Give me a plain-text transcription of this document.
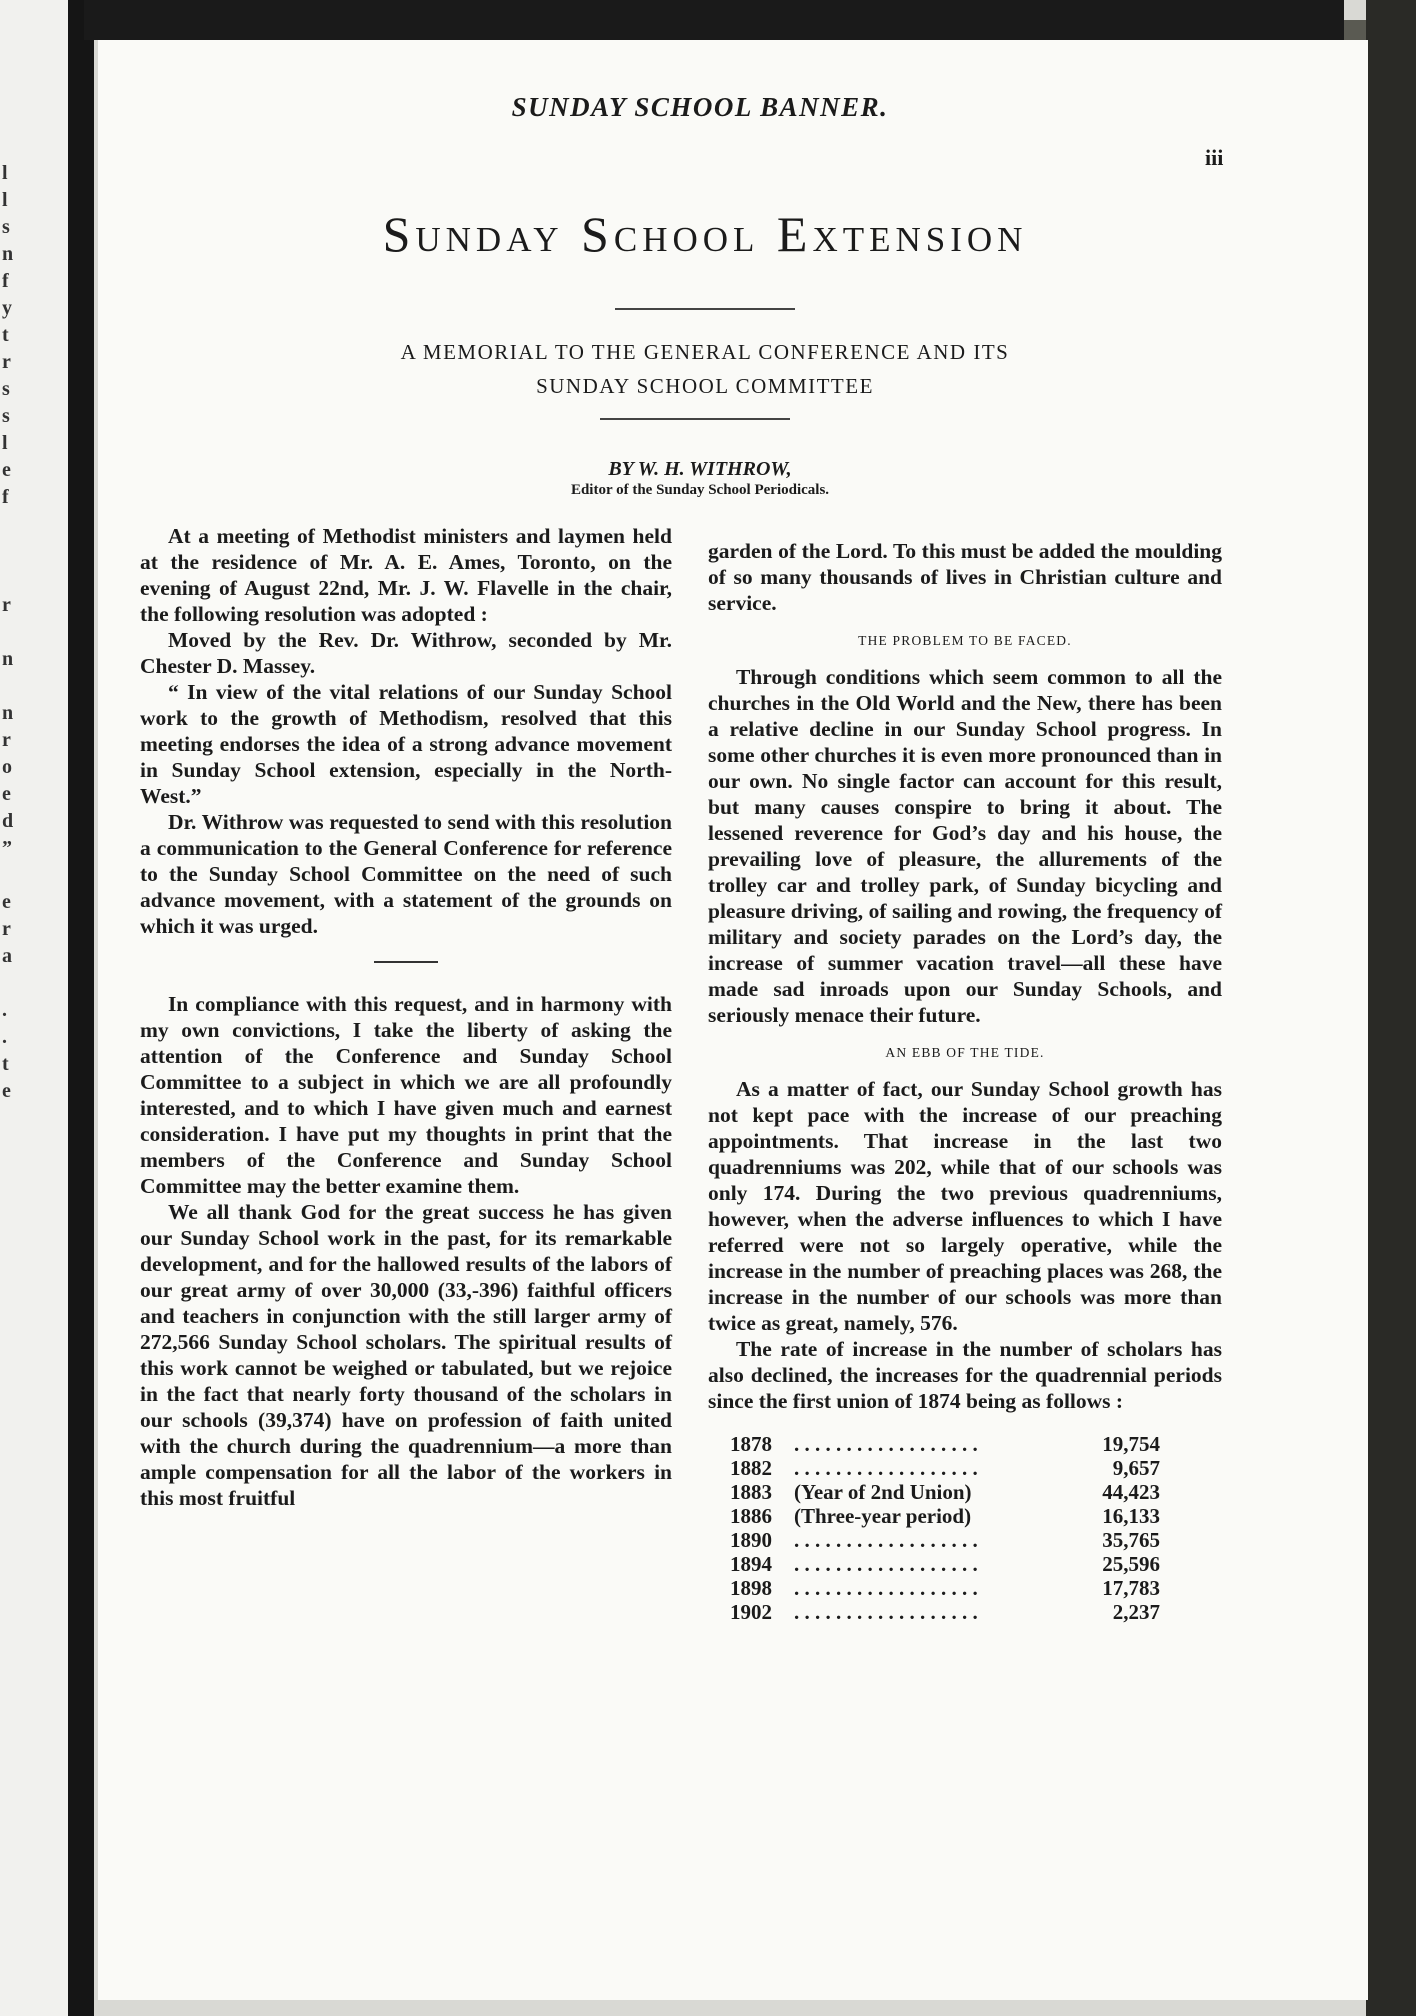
l
l
s
n
f
y
t
r
s
s
l
e
f
r
n
n
r
o
e
d
”
e
r
a
.
.
t
e
SUNDAY SCHOOL BANNER.
iii
Sunday School Extension
A MEMORIAL TO THE GENERAL CONFERENCE AND ITS
SUNDAY SCHOOL COMMITTEE
BY W. H. WITHROW,
Editor of the Sunday School Periodicals.

At a meeting of Methodist ministers and laymen held at the residence of Mr. A. E. Ames, Toronto, on the evening of August 22nd, Mr. J. W. Flavelle in the chair, the following resolution was adopted :

Moved by the Rev. Dr. Withrow, seconded by Mr. Chester D. Massey.

“ In view of the vital relations of our Sunday School work to the growth of Methodism, resolved that this meeting endorses the idea of a strong advance movement in Sunday School extension, especially in the North-West.”

Dr. Withrow was requested to send with this resolution a communication to the General Conference for reference to the Sunday School Committee on the need of such advance movement, with a statement of the grounds on which it was urged.

In compliance with this request, and in harmony with my own convictions, I take the liberty of asking the attention of the Conference and Sunday School Committee to a subject in which we are all profoundly interested, and to which I have given much and earnest consideration. I have put my thoughts in print that the members of the Conference and Sunday School Committee may the better examine them.

We all thank God for the great success he has given our Sunday School work in the past, for its remarkable development, and for the hallowed results of the labors of our great army of over 30,000 (33,-396) faithful officers and teachers in conjunction with the still larger army of 272,566 Sunday School scholars. The spiritual results of this work cannot be weighed or tabulated, but we rejoice in the fact that nearly forty thousand of the scholars in our schools (39,374) have on profession of faith united with the church during the quadrennium—a more than ample compensation for all the labor of the workers in this most fruitful

garden of the Lord. To this must be added the moulding of so many thousands of lives in Christian culture and service.

THE PROBLEM TO BE FACED.

Through conditions which seem common to all the churches in the Old World and the New, there has been a relative decline in our Sunday School progress. In some other churches it is even more pronounced than in our own. No single factor can account for this result, but many causes conspire to bring it about. The lessened reverence for God’s day and his house, the prevailing love of pleasure, the allurements of the trolley car and trolley park, of Sunday bicycling and pleasure driving, of sailing and rowing, the frequency of military and society parades on the Lord’s day, the increase of summer vacation travel—all these have made sad inroads upon our Sunday Schools, and seriously menace their future.

AN EBB OF THE TIDE.

As a matter of fact, our Sunday School growth has not kept pace with the increase of our preaching appointments. That increase in the last two quadrenniums was 202, while that of our schools was only 174. During the two previous quadrenniums, however, when the adverse influences to which I have referred were not so largely operative, while the increase in the number of preaching places was 268, the increase in the number of our schools was more than twice as great, namely, 576.

The rate of increase in the number of scholars has also declined, the increases for the quadrennial periods since the first union of 1874 being as follows :

1878	. . . . . . . . . . . . . . . . . .	19,754
1882	. . . . . . . . . . . . . . . . . .	9,657
1883	(Year of 2nd Union)	44,423
1886	(Three-year period)	16,133
1890	. . . . . . . . . . . . . . . . . .	35,765
1894	. . . . . . . . . . . . . . . . . .	25,596
1898	. . . . . . . . . . . . . . . . . .	17,783
1902	. . . . . . . . . . . . . . . . . .	2,237
